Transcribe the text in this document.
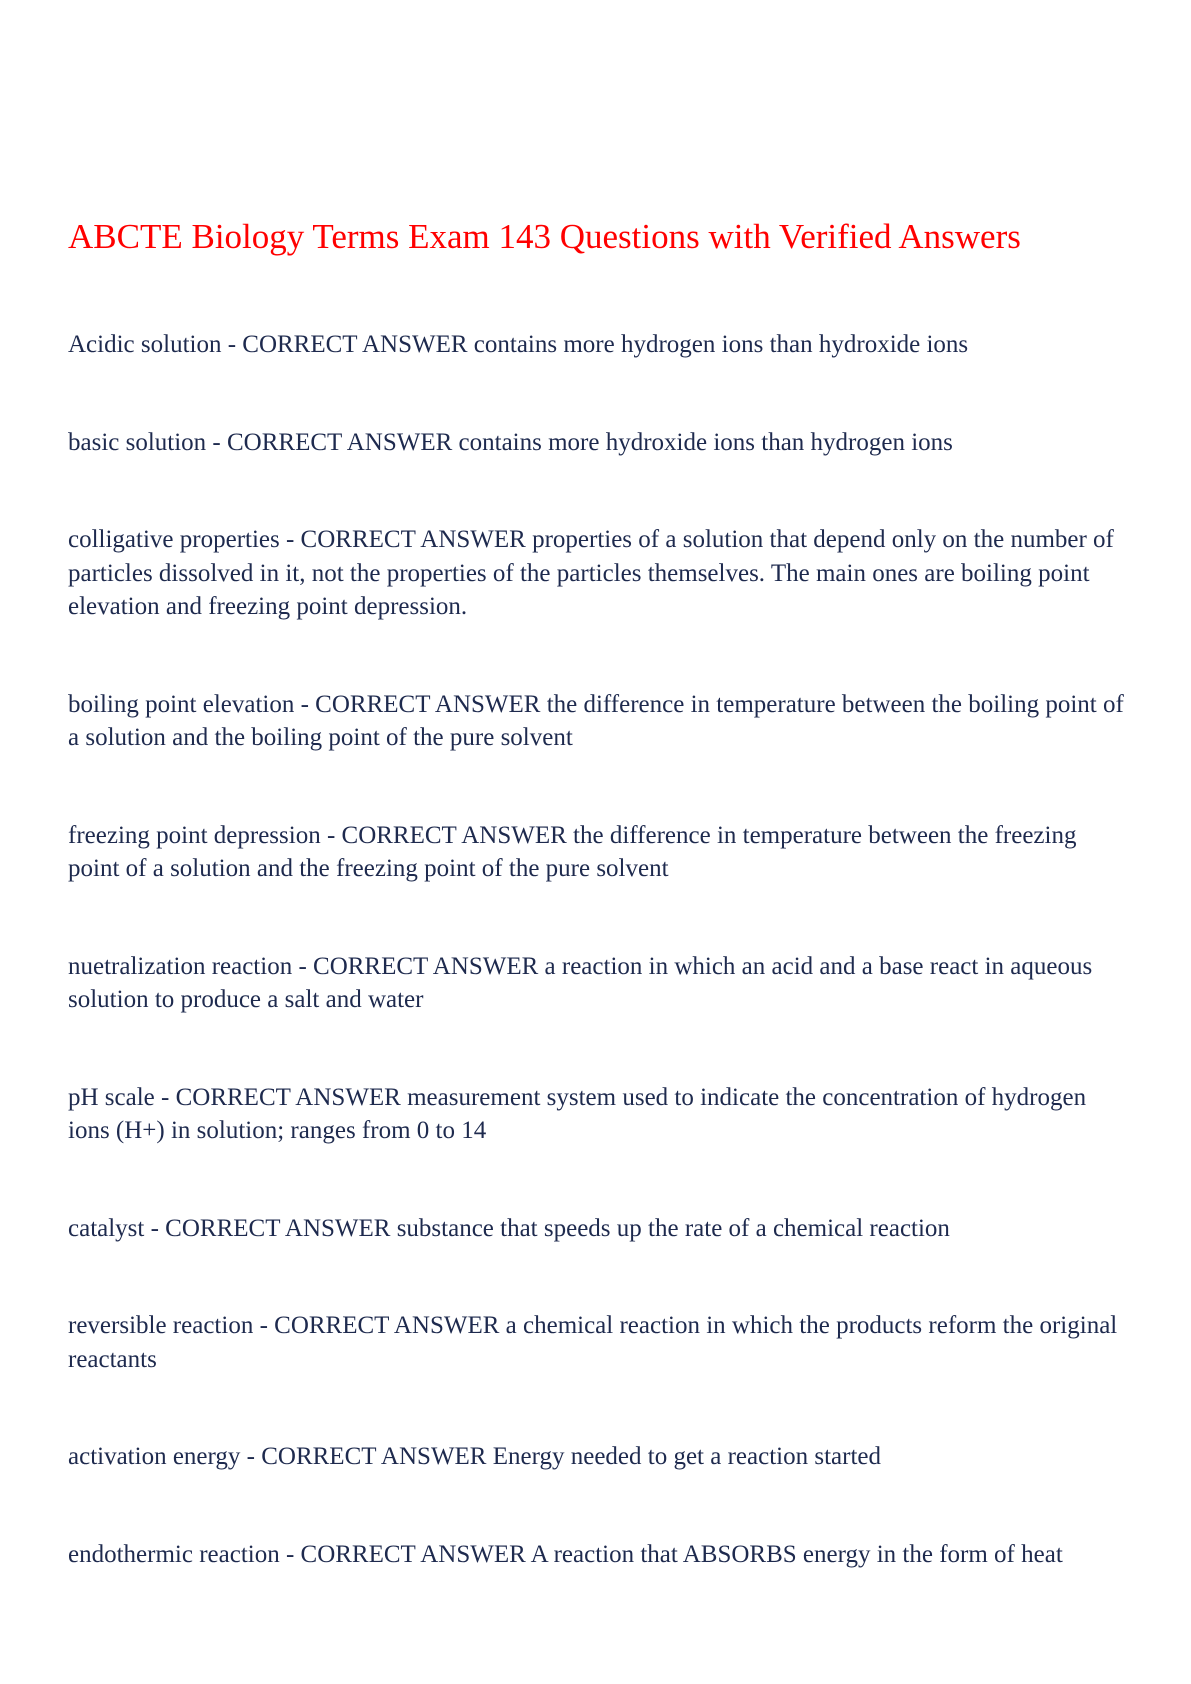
ABCTE Biology Terms Exam 143 Questions with Verified Answers
Acidic solution - CORRECT ANSWER contains more hydrogen ions than hydroxide ions
basic solution - CORRECT ANSWER contains more hydroxide ions than hydrogen ions
colligative properties - CORRECT ANSWER properties of a solution that depend only on the number of particles dissolved in it, not the properties of the particles themselves. The main ones are boiling point elevation and freezing point depression.
boiling point elevation - CORRECT ANSWER the difference in temperature between the boiling point of a solution and the boiling point of the pure solvent
freezing point depression - CORRECT ANSWER the difference in temperature between the freezing point of a solution and the freezing point of the pure solvent
nuetralization reaction - CORRECT ANSWER a reaction in which an acid and a base react in aqueous solution to produce a salt and water
pH scale - CORRECT ANSWER measurement system used to indicate the concentration of hydrogen ions (H+) in solution; ranges from 0 to 14
catalyst - CORRECT ANSWER substance that speeds up the rate of a chemical reaction
reversible reaction - CORRECT ANSWER a chemical reaction in which the products reform the original reactants
activation energy - CORRECT ANSWER Energy needed to get a reaction started
endothermic reaction - CORRECT ANSWER A reaction that ABSORBS energy in the form of heat
